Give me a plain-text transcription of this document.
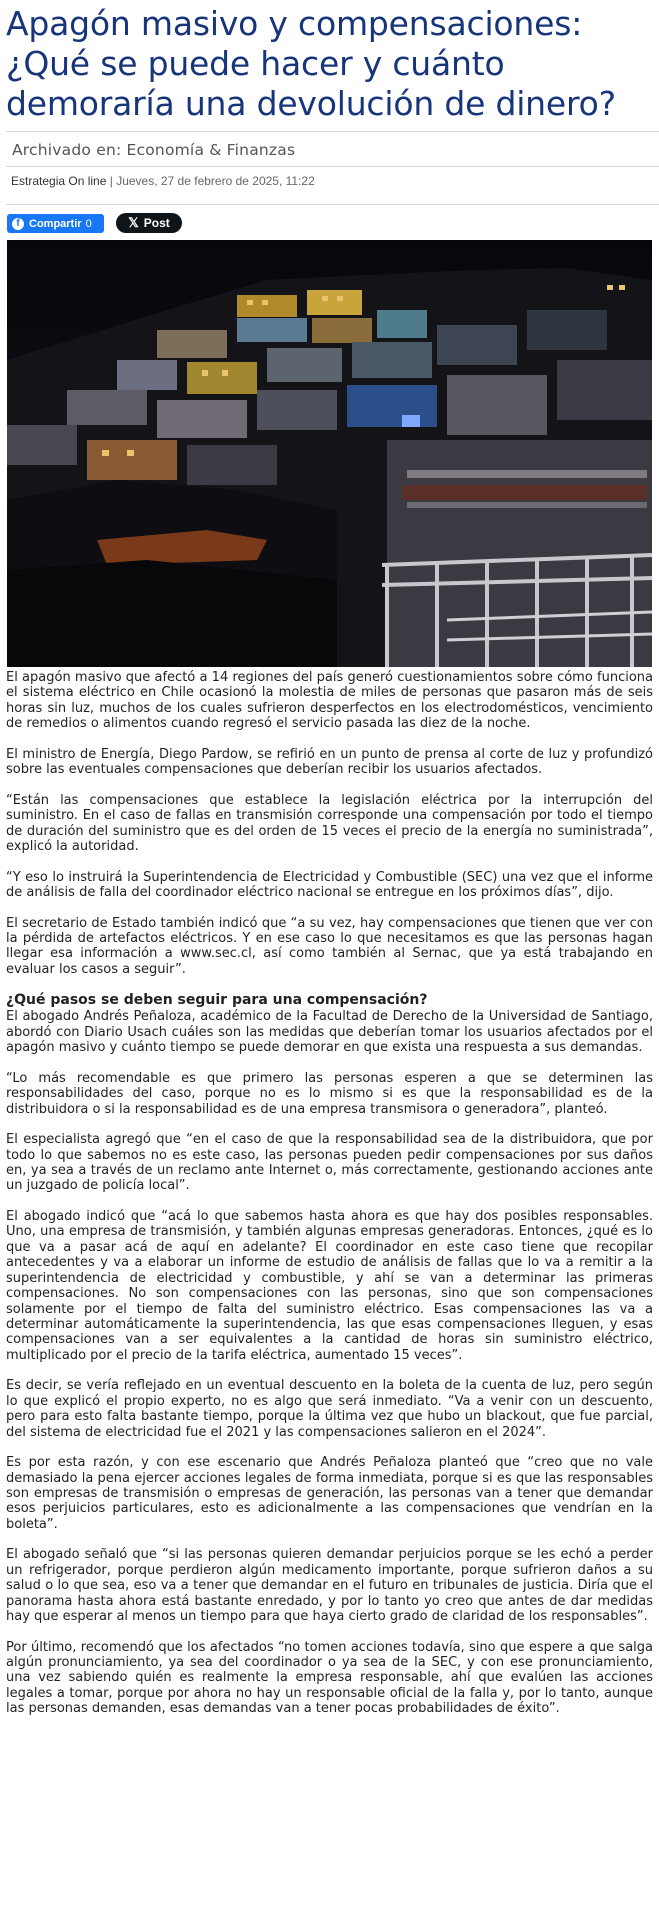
Apagón masivo y compensaciones: ¿Qué se puede hacer y cuánto demoraría una devolución de dinero?
Archivado en: Economía & Finanzas
Estrategia On line | Jueves, 27 de febrero de 2025, 11:22
f Compartir 0	𝕏 Post

El apagón masivo que afectó a 14 regiones del país generó cuestionamientos sobre cómo funciona el sistema eléctrico en Chile ocasionó la molestia de miles de personas que pasaron más de seis horas sin luz, muchos de los cuales sufrieron desperfectos en los electrodomésticos, vencimiento de remedios o alimentos cuando regresó el servicio pasada las diez de la noche.

El ministro de Energía, Diego Pardow, se refirió en un punto de prensa al corte de luz y profundizó sobre las eventuales compensaciones que deberían recibir los usuarios afectados.

“Están las compensaciones que establece la legislación eléctrica por la interrupción del suministro. En el caso de fallas en transmisión corresponde una compensación por todo el tiempo de duración del suministro que es del orden de 15 veces el precio de la energía no suministrada”, explicó la autoridad.

“Y eso lo instruirá la Superintendencia de Electricidad y Combustible (SEC) una vez que el informe de análisis de falla del coordinador eléctrico nacional se entregue en los próximos días”, dijo.

El secretario de Estado también indicó que “a su vez, hay compensaciones que tienen que ver con la pérdida de artefactos eléctricos. Y en ese caso lo que necesitamos es que las personas hagan llegar esa información a www.sec.cl, así como también al Sernac, que ya está trabajando en evaluar los casos a seguir”.

¿Qué pasos se deben seguir para una compensación?

El abogado Andrés Peñaloza, académico de la Facultad de Derecho de la Universidad de Santiago, abordó con Diario Usach cuáles son las medidas que deberían tomar los usuarios afectados por el apagón masivo y cuánto tiempo se puede demorar en que exista una respuesta a sus demandas.

“Lo más recomendable es que primero las personas esperen a que se determinen las responsabilidades del caso, porque no es lo mismo si es que la responsabilidad es de la distribuidora o si la responsabilidad es de una empresa transmisora o generadora”, planteó.

El especialista agregó que “en el caso de que la responsabilidad sea de la distribuidora, que por todo lo que sabemos no es este caso, las personas pueden pedir compensaciones por sus daños en, ya sea a través de un reclamo ante Internet o, más correctamente, gestionando acciones ante un juzgado de policía local”.

El abogado indicó que “acá lo que sabemos hasta ahora es que hay dos posibles responsables. Uno, una empresa de transmisión, y también algunas empresas generadoras. Entonces, ¿qué es lo que va a pasar acá de aquí en adelante? El coordinador en este caso tiene que recopilar antecedentes y va a elaborar un informe de estudio de análisis de fallas que lo va a remitir a la superintendencia de electricidad y combustible, y ahí se van a determinar las primeras compensaciones. No son compensaciones con las personas, sino que son compensaciones solamente por el tiempo de falta del suministro eléctrico. Esas compensaciones las va a determinar automáticamente la superintendencia, las que esas compensaciones lleguen, y esas compensaciones van a ser equivalentes a la cantidad de horas sin suministro eléctrico, multiplicado por el precio de la tarifa eléctrica, aumentado 15 veces”.

Es decir, se vería reflejado en un eventual descuento en la boleta de la cuenta de luz, pero según lo que explicó el propio experto, no es algo que será inmediato. “Va a venir con un descuento, pero para esto falta bastante tiempo, porque la última vez que hubo un blackout, que fue parcial, del sistema de electricidad fue el 2021 y las compensaciones salieron en el 2024”.

Es por esta razón, y con ese escenario que Andrés Peñaloza planteó que “creo que no vale demasiado la pena ejercer acciones legales de forma inmediata, porque si es que las responsables son empresas de transmisión o empresas de generación, las personas van a tener que demandar esos perjuicios particulares, esto es adicionalmente a las compensaciones que vendrían en la boleta”.

El abogado señaló que “si las personas quieren demandar perjuicios porque se les echó a perder un refrigerador, porque perdieron algún medicamento importante, porque sufrieron daños a su salud o lo que sea, eso va a tener que demandar en el futuro en tribunales de justicia. Diría que el panorama hasta ahora está bastante enredado, y por lo tanto yo creo que antes de dar medidas hay que esperar al menos un tiempo para que haya cierto grado de claridad de los responsables”.

Por último, recomendó que los afectados “no tomen acciones todavía, sino que espere a que salga algún pronunciamiento, ya sea del coordinador o ya sea de la SEC, y con ese pronunciamiento, una vez sabiendo quién es realmente la empresa responsable, ahí que evalúen las acciones legales a tomar, porque por ahora no hay un responsable oficial de la falla y, por lo tanto, aunque las personas demanden, esas demandas van a tener pocas probabilidades de éxito”.
